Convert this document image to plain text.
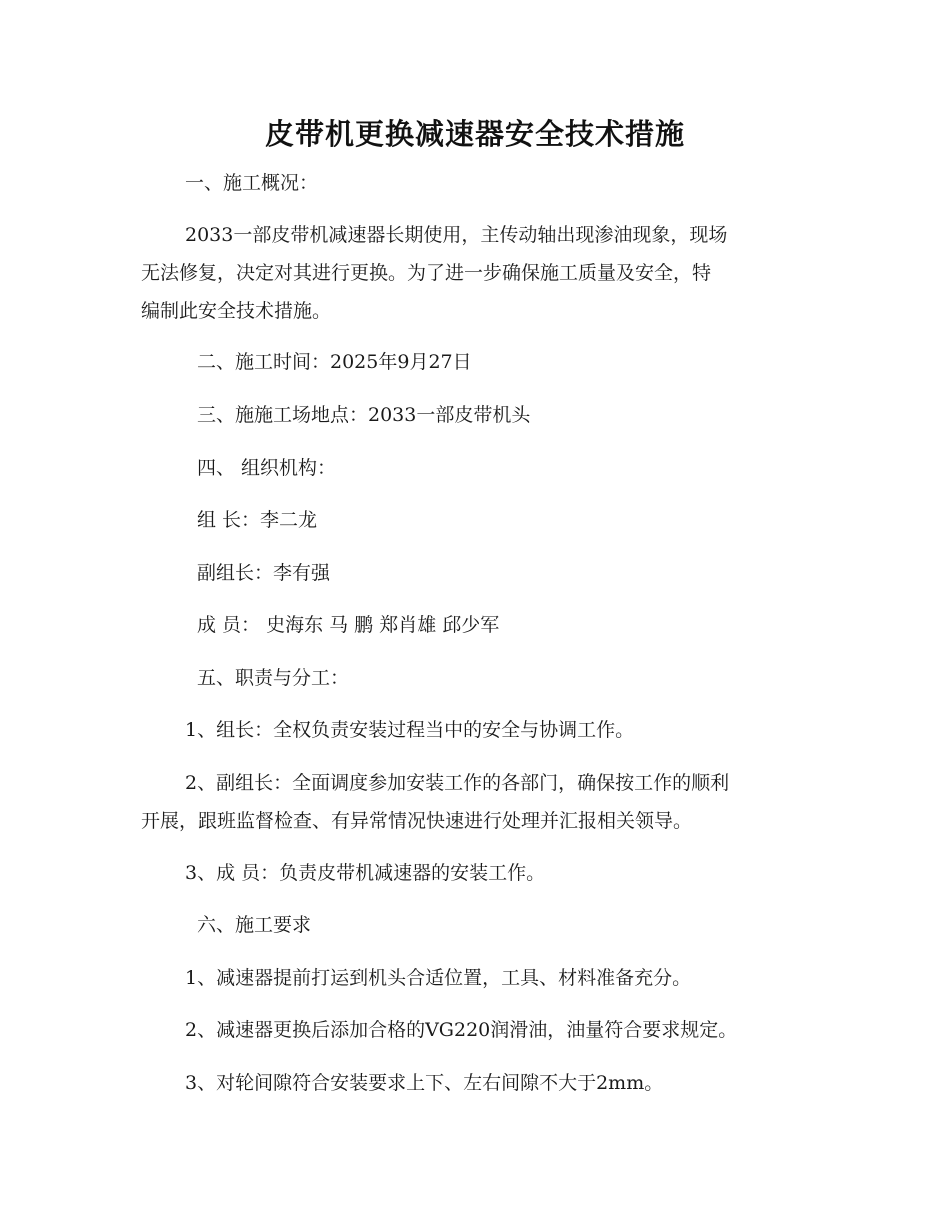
皮带机更换减速器安全技术措施
一、施工概况：
2033一部皮带机减速器长期使用，主传动轴出现渗油现象，现场
无法修复，决定对其进行更换。为了进一步确保施工质量及安全，特
编制此安全技术措施。
二、施工时间：2025年9月27日
三、施施工场地点：2033一部皮带机头
四、 组织机构：
组 长：李二龙
副组长：李有强
成 员： 史海东 马 鹏 郑肖雄 邱少军
五、职责与分工：
1、组长：全权负责安装过程当中的安全与协调工作。
2、副组长：全面调度参加安装工作的各部门，确保按工作的顺利
开展，跟班监督检查、有异常情况快速进行处理并汇报相关领导。
3、成 员：负责皮带机减速器的安装工作。
六、施工要求
1、减速器提前打运到机头合适位置，工具、材料准备充分。
2、减速器更换后添加合格的VG220润滑油，油量符合要求规定。
3、对轮间隙符合安装要求上下、左右间隙不大于2mm。
